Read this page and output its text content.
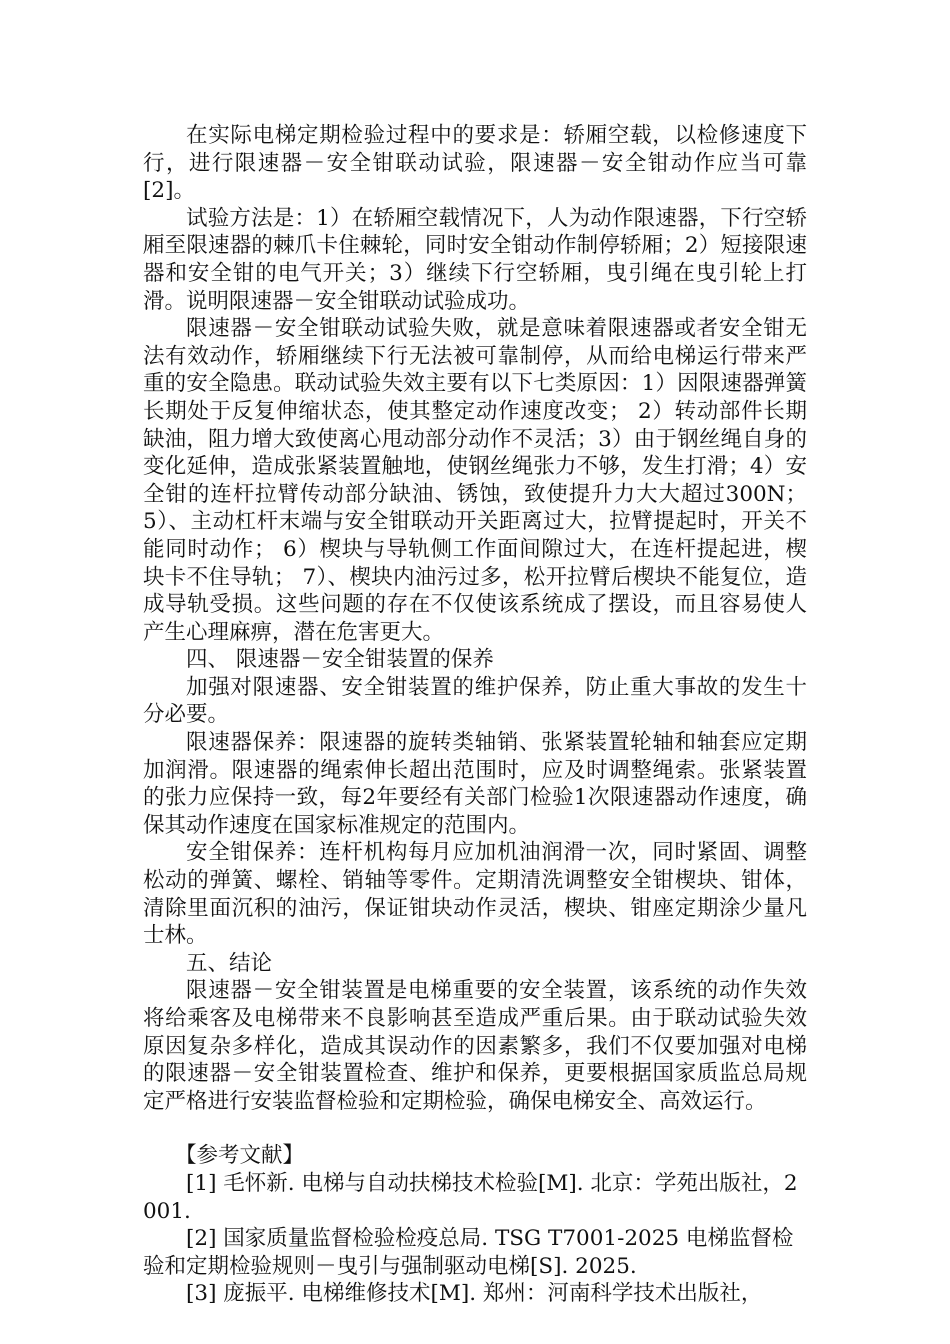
在实际电梯定期检验过程中的要求是：轿厢空载，以检修速度下行，进行限速器－安全钳联动试验，限速器－安全钳动作应当可靠[2]。

试验方法是：1）在轿厢空载情况下，人为动作限速器，下行空轿厢至限速器的棘爪卡住棘轮，同时安全钳动作制停轿厢；2）短接限速器和安全钳的电气开关；3）继续下行空轿厢，曳引绳在曳引轮上打滑。说明限速器－安全钳联动试验成功。

限速器－安全钳联动试验失败，就是意味着限速器或者安全钳无法有效动作，轿厢继续下行无法被可靠制停，从而给电梯运行带来严重的安全隐患。联动试验失效主要有以下七类原因：1）因限速器弹簧长期处于反复伸缩状态，使其整定动作速度改变； 2）转动部件长期缺油，阻力增大致使离心甩动部分动作不灵活；3）由于钢丝绳自身的变化延伸，造成张紧装置触地，使钢丝绳张力不够，发生打滑；4）安全钳的连杆拉臂传动部分缺油、锈蚀，致使提升力大大超过300N；5）、主动杠杆末端与安全钳联动开关距离过大，拉臂提起时，开关不能同时动作； 6）楔块与导轨侧工作面间隙过大，在连杆提起进，楔块卡不住导轨； 7）、楔块内油污过多，松开拉臂后楔块不能复位，造成导轨受损。这些问题的存在不仅使该系统成了摆设，而且容易使人产生心理麻痹，潜在危害更大。

四、 限速器－安全钳装置的保养

加强对限速器、安全钳装置的维护保养，防止重大事故的发生十分必要。

限速器保养：限速器的旋转类轴销、张紧装置轮轴和轴套应定期加润滑。限速器的绳索伸长超出范围时，应及时调整绳索。张紧装置的张力应保持一致，每2年要经有关部门检验1次限速器动作速度，确保其动作速度在国家标准规定的范围内。

安全钳保养：连杆机构每月应加机油润滑一次，同时紧固、调整松动的弹簧、螺栓、销轴等零件。定期清洗调整安全钳楔块、钳体，清除里面沉积的油污，保证钳块动作灵活，楔块、钳座定期涂少量凡士林。

五、结论

限速器－安全钳装置是电梯重要的安全装置，该系统的动作失效将给乘客及电梯带来不良影响甚至造成严重后果。由于联动试验失效原因复杂多样化，造成其误动作的因素繁多，我们不仅要加强对电梯的限速器－安全钳装置检查、维护和保养，更要根据国家质监总局规定严格进行安装监督检验和定期检验，确保电梯安全、高效运行。

【参考文献】

[1] 毛怀新. 电梯与自动扶梯技术检验[M]. 北京：学苑出版社，2001.

[2] 国家质量监督检验检疫总局. TSG T7001-2025 电梯监督检验和定期检验规则－曳引与强制驱动电梯[S]. 2025.

[3] 庞振平. 电梯维修技术[M]. 郑州：河南科学技术出版社，
